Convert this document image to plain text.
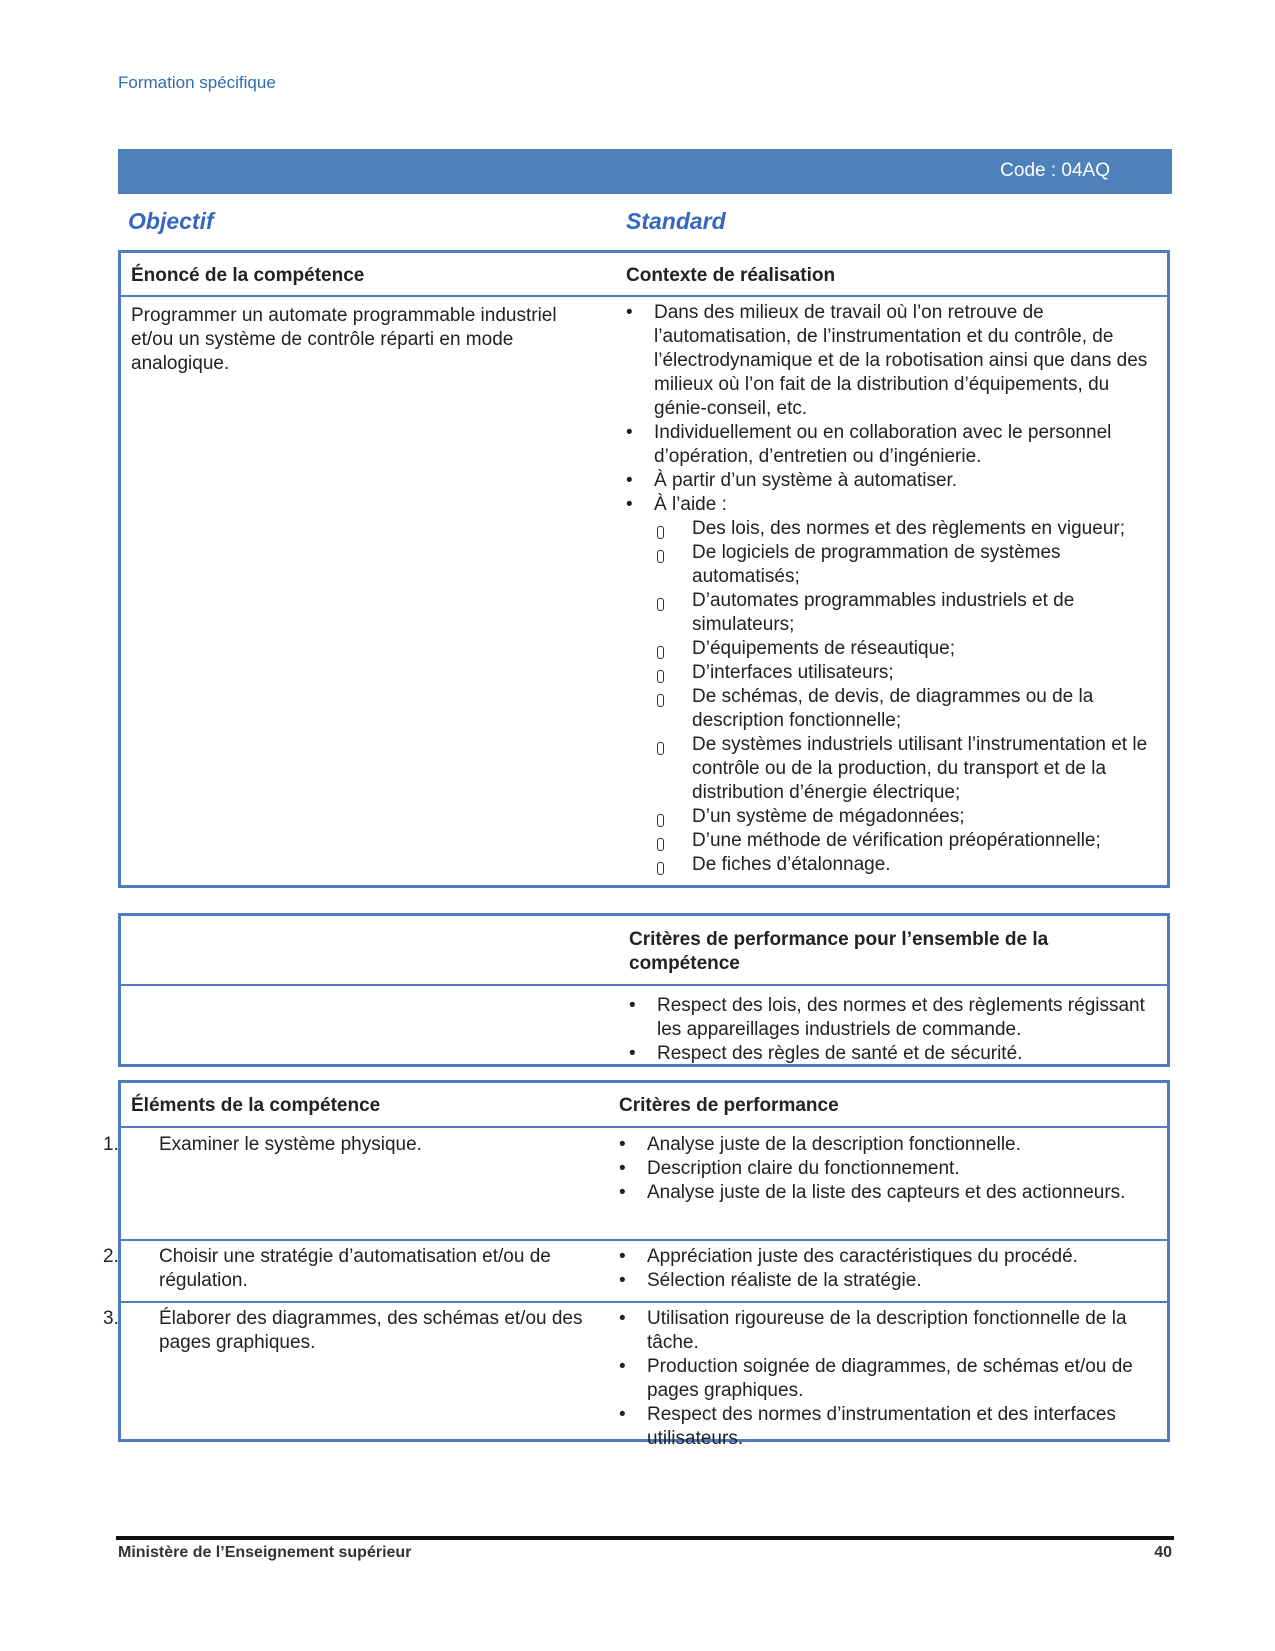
Formation spécifique
Code : 04AQ
Objectif	Standard
Énoncé de la compétence	Contexte de réalisation
Programmer un automate programmable industriel et/ou un système de contrôle réparti en mode analogique.
• Dans des milieux de travail où l’on retrouve de l’automatisation, de l’instrumentation et du contrôle, de l’électrodynamique et de la robotisation ainsi que dans des milieux où l’on fait de la distribution d’équipements, du génie-conseil, etc.
• Individuellement ou en collaboration avec le personnel d’opération, d’entretien ou d’ingénierie.
• À partir d’un système à automatiser.
• À l’aide :
Des lois, des normes et des règlements en vigueur;
De logiciels de programmation de systèmes automatisés;
D’automates programmables industriels et de simulateurs;
D’équipements de réseautique;
D’interfaces utilisateurs;
De schémas, de devis, de diagrammes ou de la description fonctionnelle;
De systèmes industriels utilisant l’instrumentation et le contrôle ou de la production, du transport et de la distribution d’énergie électrique;
D’un système de mégadonnées;
D’une méthode de vérification préopérationnelle;
De fiches d’étalonnage.
Critères de performance pour l’ensemble de la compétence
• Respect des lois, des normes et des règlements régissant les appareillages industriels de commande.
• Respect des règles de santé et de sécurité.
Éléments de la compétence	Critères de performance
1. Examiner le système physique.	• Analyse juste de la description fonctionnelle.
• Description claire du fonctionnement.
• Analyse juste de la liste des capteurs et des actionneurs.
2. Choisir une stratégie d’automatisation et/ou de régulation.
• Appréciation juste des caractéristiques du procédé.
• Sélection réaliste de la stratégie.
3. Élaborer des diagrammes, des schémas et/ou des pages graphiques.
• Utilisation rigoureuse de la description fonctionnelle de la tâche.
• Production soignée de diagrammes, de schémas et/ou de pages graphiques.
• Respect des normes d’instrumentation et des interfaces utilisateurs.
Ministère de l’Enseignement supérieur	40
